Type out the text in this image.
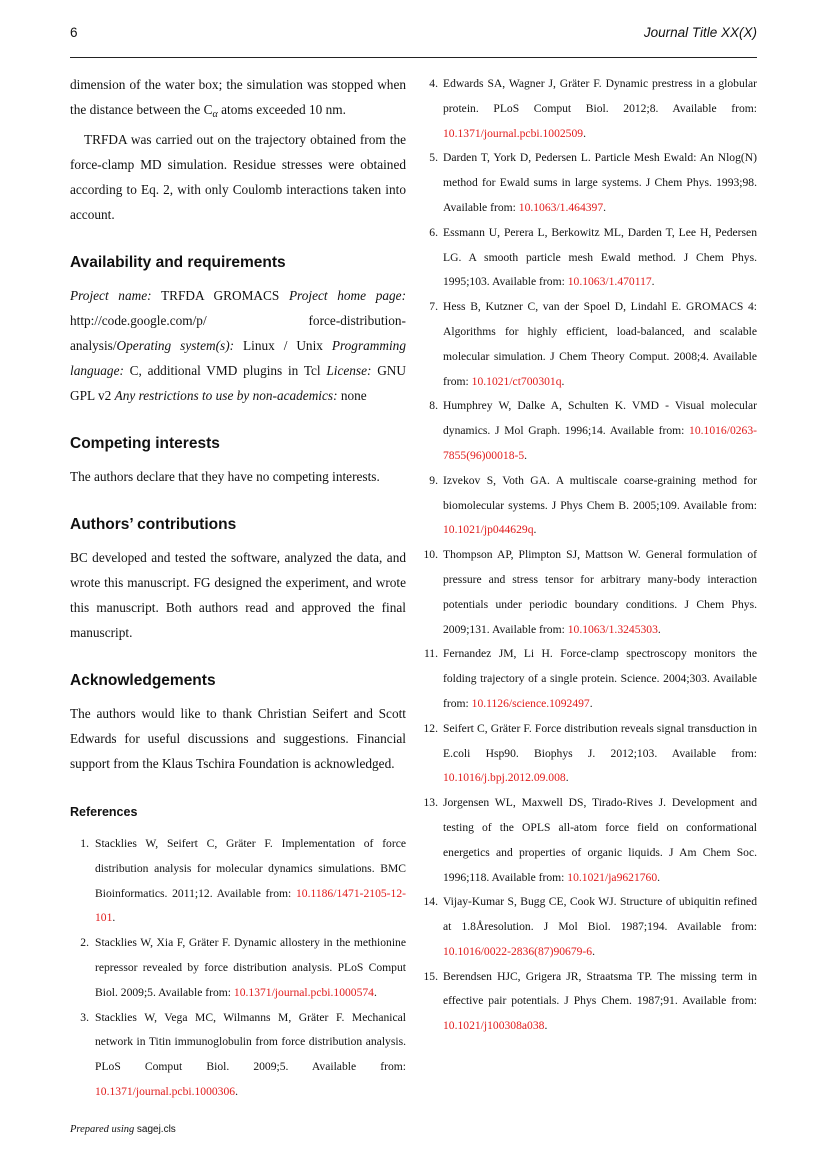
6	Journal Title XX(X)

dimension of the water box; the simulation was stopped when the distance between the $C_\alpha$ atoms exceeded 10 nm.

TRFDA was carried out on the trajectory obtained from the force-clamp MD simulation. Residue stresses were obtained according to Eq. 2, with only Coulomb interactions taken into account.

Availability and requirements

Project name: TRFDA GROMACS Project home page: http://code.google.com/p/ force-distribution-analysis/Operating system(s): Linux / Unix Programming language: C, additional VMD plugins in Tcl License: GNU GPL v2 Any restrictions to use by non-academics: none

Competing interests

The authors declare that they have no competing interests.

Authors’ contributions

BC developed and tested the software, analyzed the data, and wrote this manuscript. FG designed the experiment, and wrote this manuscript. Both authors read and approved the final manuscript.

Acknowledgements

The authors would like to thank Christian Seifert and Scott Edwards for useful discussions and suggestions. Financial support from the Klaus Tschira Foundation is acknowledged.

References
1. Stacklies W, Seifert C, Gräter F. Implementation of force distribution analysis for molecular dynamics simulations. BMC Bioinformatics. 2011;12. Available from: 10.1186/1471-2105-12-101.
2. Stacklies W, Xia F, Gräter F. Dynamic allostery in the methionine repressor revealed by force distribution analysis. PLoS Comput Biol. 2009;5. Available from: 10.1371/journal.pcbi.1000574.
3. Stacklies W, Vega MC, Wilmanns M, Gräter F. Mechanical network in Titin immunoglobulin from force distribution analysis. PLoS Comput Biol. 2009;5. Available from: 10.1371/journal.pcbi.1000306.
4. Edwards SA, Wagner J, Gräter F. Dynamic prestress in a globular protein. PLoS Comput Biol. 2012;8. Available from: 10.1371/journal.pcbi.1002509.
5. Darden T, York D, Pedersen L. Particle Mesh Ewald: An Nlog(N) method for Ewald sums in large systems. J Chem Phys. 1993;98. Available from: 10.1063/1.464397.
6. Essmann U, Perera L, Berkowitz ML, Darden T, Lee H, Pedersen LG. A smooth particle mesh Ewald method. J Chem Phys. 1995;103. Available from: 10.1063/1.470117.
7. Hess B, Kutzner C, van der Spoel D, Lindahl E. GROMACS 4: Algorithms for highly efficient, load-balanced, and scalable molecular simulation. J Chem Theory Comput. 2008;4. Available from: 10.1021/ct700301q.
8. Humphrey W, Dalke A, Schulten K. VMD - Visual molecular dynamics. J Mol Graph. 1996;14. Available from: 10.1016/0263-7855(96)00018-5.
9. Izvekov S, Voth GA. A multiscale coarse-graining method for biomolecular systems. J Phys Chem B. 2005;109. Available from: 10.1021/jp044629q.
10. Thompson AP, Plimpton SJ, Mattson W. General formulation of pressure and stress tensor for arbitrary many-body interaction potentials under periodic boundary conditions. J Chem Phys. 2009;131. Available from: 10.1063/1.3245303.
11. Fernandez JM, Li H. Force-clamp spectroscopy monitors the folding trajectory of a single protein. Science. 2004;303. Available from: 10.1126/science.1092497.
12. Seifert C, Gräter F. Force distribution reveals signal transduction in E.coli Hsp90. Biophys J. 2012;103. Available from: 10.1016/j.bpj.2012.09.008.
13. Jorgensen WL, Maxwell DS, Tirado-Rives J. Development and testing of the OPLS all-atom force field on conformational energetics and properties of organic liquids. J Am Chem Soc. 1996;118. Available from: 10.1021/ja9621760.
14. Vijay-Kumar S, Bugg CE, Cook WJ. Structure of ubiquitin refined at 1.8Åresolution. J Mol Biol. 1987;194. Available from: 10.1016/0022-2836(87)90679-6.
15. Berendsen HJC, Grigera JR, Straatsma TP. The missing term in effective pair potentials. J Phys Chem. 1987;91. Available from: 10.1021/j100308a038.
Prepared using sagej.cls
